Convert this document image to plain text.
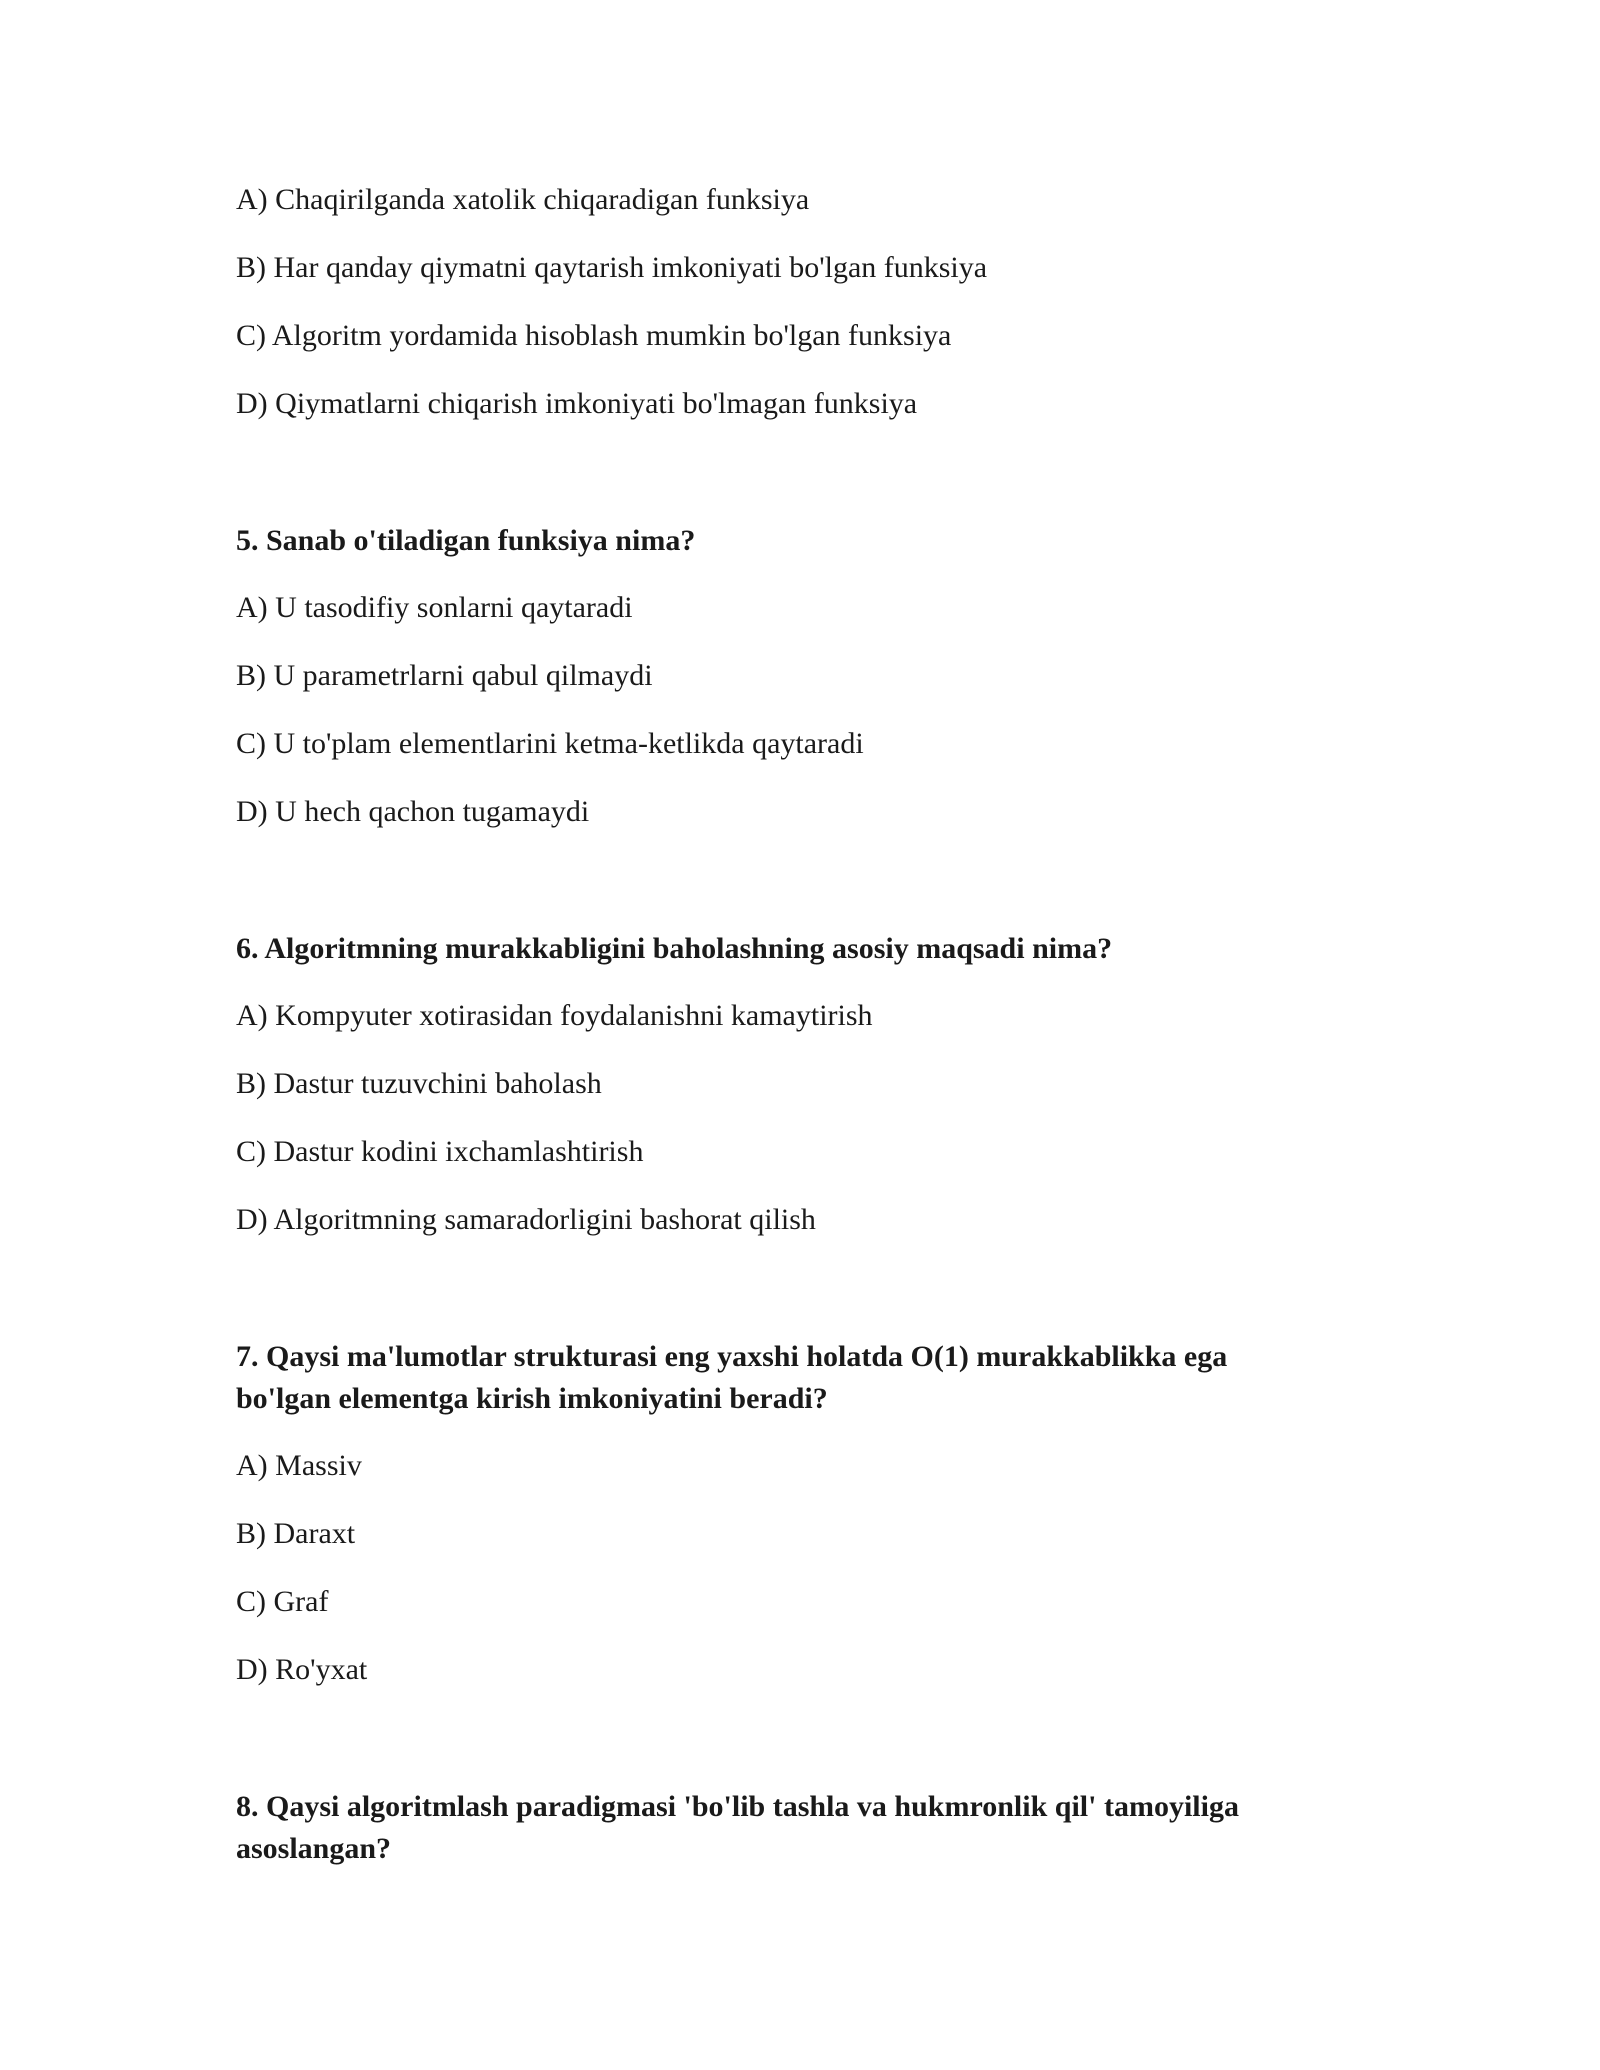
A) Chaqirilganda xatolik chiqaradigan funksiya
B) Har qanday qiymatni qaytarish imkoniyati bo'lgan funksiya
C) Algoritm yordamida hisoblash mumkin bo'lgan funksiya
D) Qiymatlarni chiqarish imkoniyati bo'lmagan funksiya
5. Sanab o'tiladigan funksiya nima?
A) U tasodifiy sonlarni qaytaradi
B) U parametrlarni qabul qilmaydi
C) U to'plam elementlarini ketma-ketlikda qaytaradi
D) U hech qachon tugamaydi
6. Algoritmning murakkabligini baholashning asosiy maqsadi nima?
A) Kompyuter xotirasidan foydalanishni kamaytirish
B) Dastur tuzuvchini baholash
C) Dastur kodini ixchamlashtirish
D) Algoritmning samaradorligini bashorat qilish
7. Qaysi ma'lumotlar strukturasi eng yaxshi holatda O(1) murakkablikka ega
bo'lgan elementga kirish imkoniyatini beradi?
A) Massiv
B) Daraxt
C) Graf
D) Ro'yxat
8. Qaysi algoritmlash paradigmasi 'bo'lib tashla va hukmronlik qil' tamoyiliga
asoslangan?
